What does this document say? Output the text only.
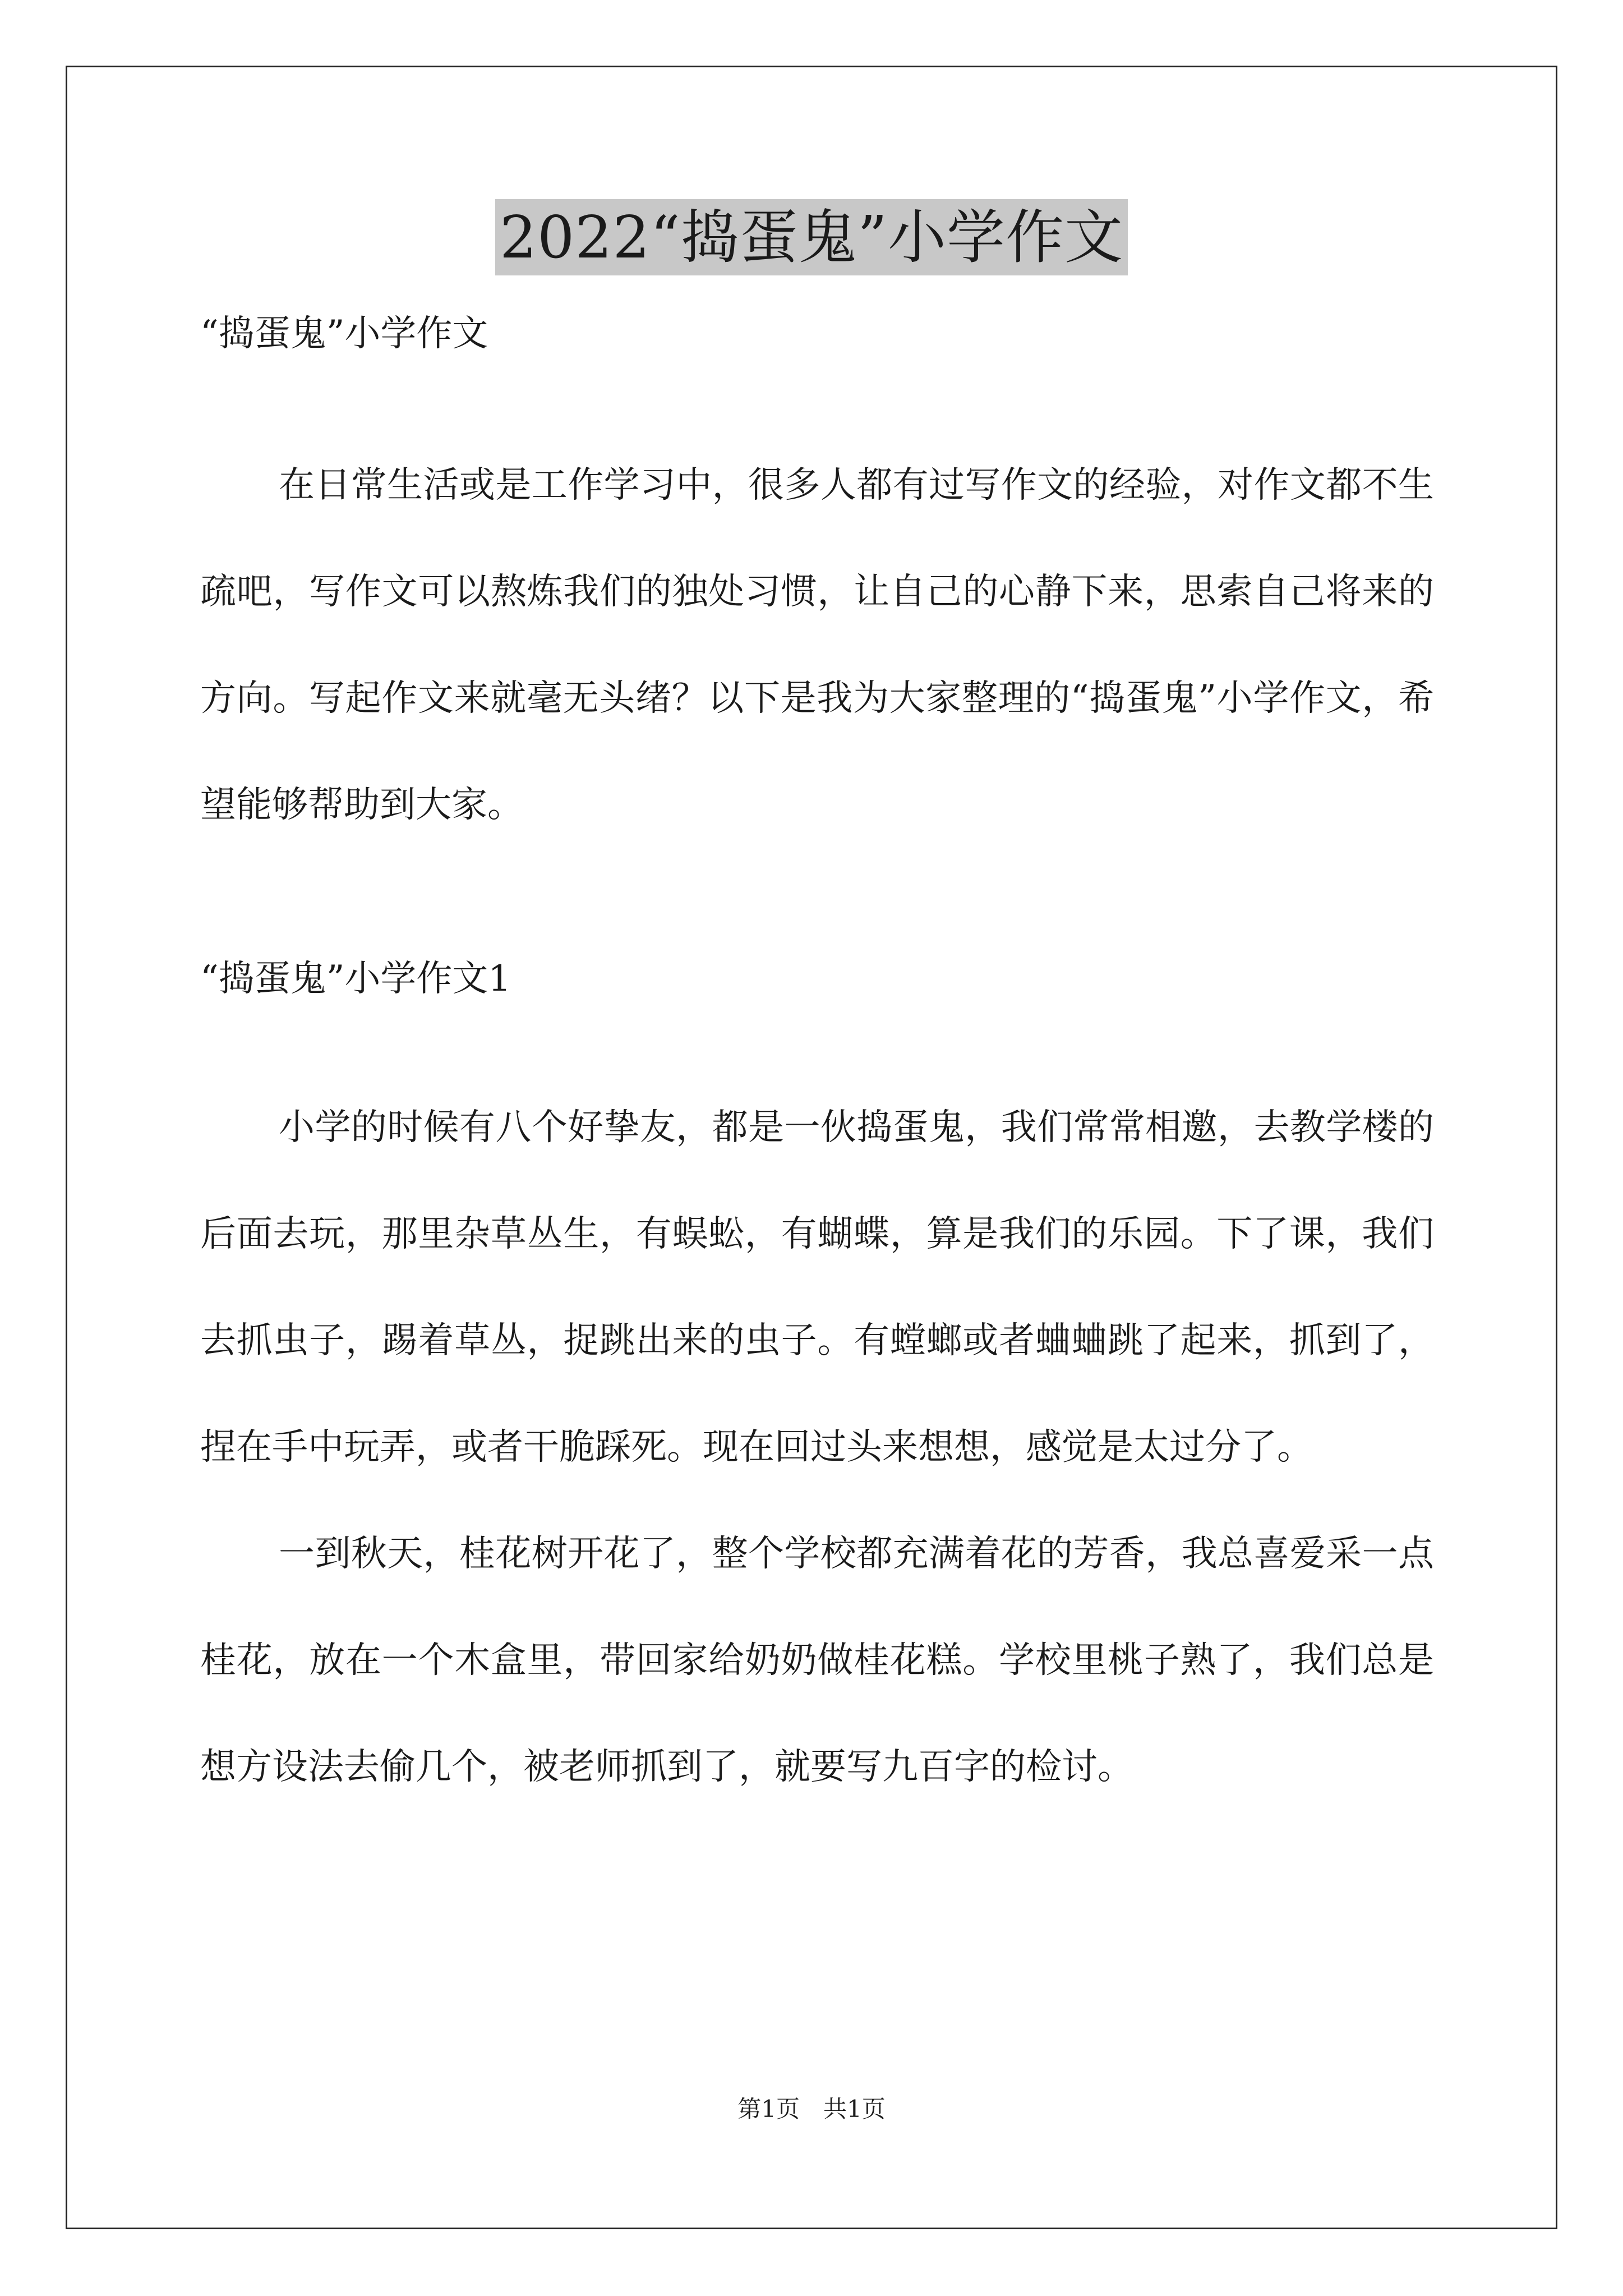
2022“捣蛋鬼”小学作文

“捣蛋鬼”小学作文

在日常生活或是工作学习中，很多人都有过写作文的经验，对作文都不生疏吧，写作文可以熬炼我们的独处习惯，让自己的心静下来，思索自己将来的方向。写起作文来就毫无头绪？以下是我为大家整理的“捣蛋鬼”小学作文，希望能够帮助到大家。

“捣蛋鬼”小学作文1

小学的时候有八个好挚友，都是一伙捣蛋鬼，我们常常相邀，去教学楼的后面去玩，那里杂草丛生，有蜈蚣，有蝴蝶，算是我们的乐园。下了课，我们去抓虫子，踢着草丛，捉跳出来的虫子。有螳螂或者蛐蛐跳了起来，抓到了，捏在手中玩弄，或者干脆踩死。现在回过头来想想，感觉是太过分了。

一到秋天，桂花树开花了，整个学校都充满着花的芳香，我总喜爱采一点桂花，放在一个木盒里，带回家给奶奶做桂花糕。学校里桃子熟了，我们总是想方设法去偷几个，被老师抓到了，就要写九百字的检讨。

第1页　共1页
